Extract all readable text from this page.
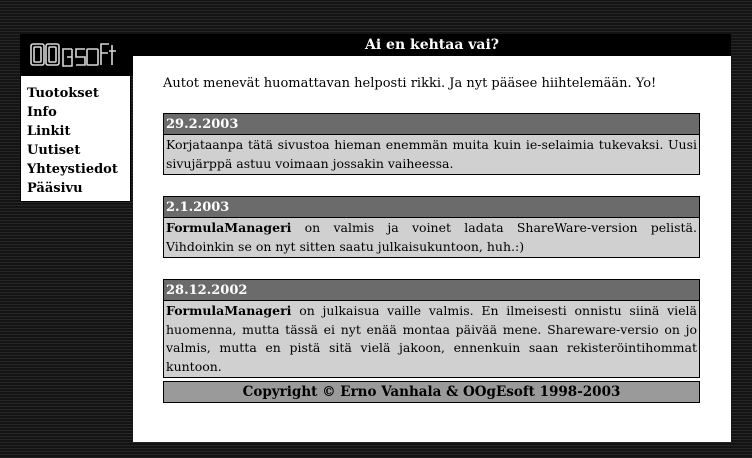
Tuotokset
Info
Linkit
Uutiset
Yhteystiedot
Pääsivu
Ai en kehtaa vai?

Autot menevät huomattavan helposti rikki. Ja nyt pääsee hiihtelemään. Yo!

29.2.2003
Korjataanpa tätä sivustoa hieman enemmän muita kuin ie-selaimia tukevaksi. Uusi sivujärppä astuu voimaan jossakin vaiheessa.
2.1.2003
FormulaManageri on valmis ja voinet ladata ShareWare-version pelistä. Vihdoinkin se on nyt sitten saatu julkaisukuntoon, huh.:)
28.12.2002
FormulaManageri on julkaisua vaille valmis. En ilmeisesti onnistu siinä vielä huomenna, mutta tässä ei nyt enää montaa päivää mene. Shareware-versio on jo valmis, mutta en pistä sitä vielä jakoon, ennenkuin saan rekisteröintihommat kuntoon.
Copyright © Erno Vanhala & OOgEsoft 1998-2003
